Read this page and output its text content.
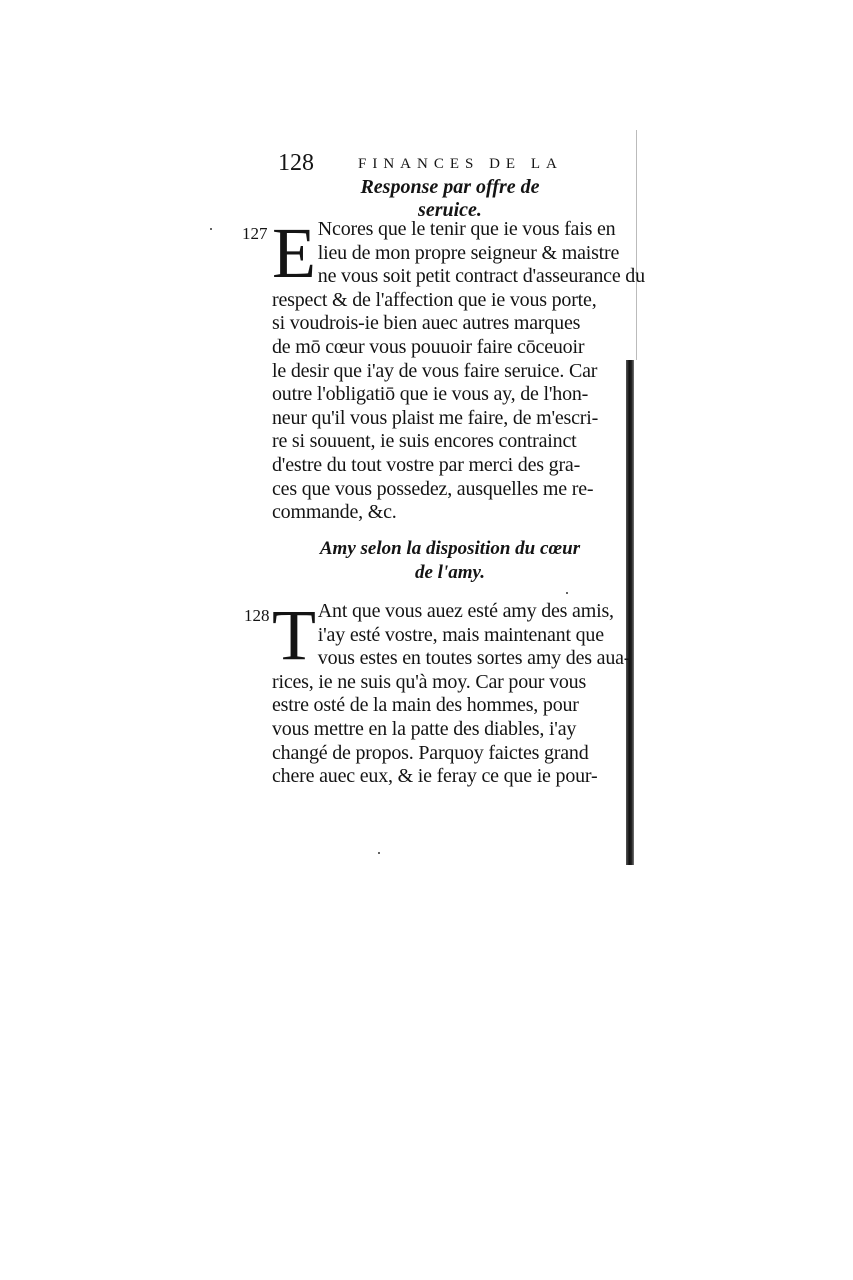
128	FINANCES DE LA
Response par offre de seruice.
127 E Ncores que le tenir que ie vous fais en
lieu de mon propre seigneur & maistre
ne vous soit petit contract d'asseurance du
respect & de l'affection que ie vous porte,
si voudrois-ie bien auec autres marques
de mō cœur vous pouuoir faire cōceuoir
le desir que i'ay de vous faire seruice. Car
outre l'obligatiō que ie vous ay, de l'hon-
neur qu'il vous plaist me faire, de m'escri-
re si souuent, ie suis encores contrainct
d'estre du tout vostre par merci des gra-
ces que vous possedez, ausquelles me re-
commande, &c.

Amy selon la disposition du cœur
de l'amy.
128 T Ant que vous auez esté amy des amis,
i'ay esté vostre, mais maintenant que
vous estes en toutes sortes amy des aua-
rices, ie ne suis qu'à moy. Car pour vous
estre osté de la main des hommes, pour
vous mettre en la patte des diables, i'ay
changé de propos. Parquoy faictes grand
chere auec eux, & ie feray ce que ie pour-
